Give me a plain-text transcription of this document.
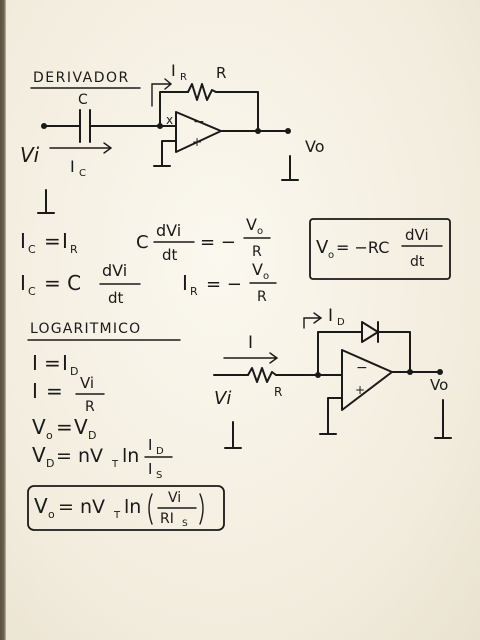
DERIVADOR
C
I R R
x −
+
Vi I C
Vo
I C = I R	C
dVi
dt
= −
V o
R
I C = C
dVi
dt
I R = −
V o
R
V o = −RC
dVi
dt
LOGARITMICO
I D
I
R
Vi
−
+	Vo
I = I D
I = Vi
R
V o = V D
V D = nV T ln I D
I S
V o = nV T ln Vi
RI S
